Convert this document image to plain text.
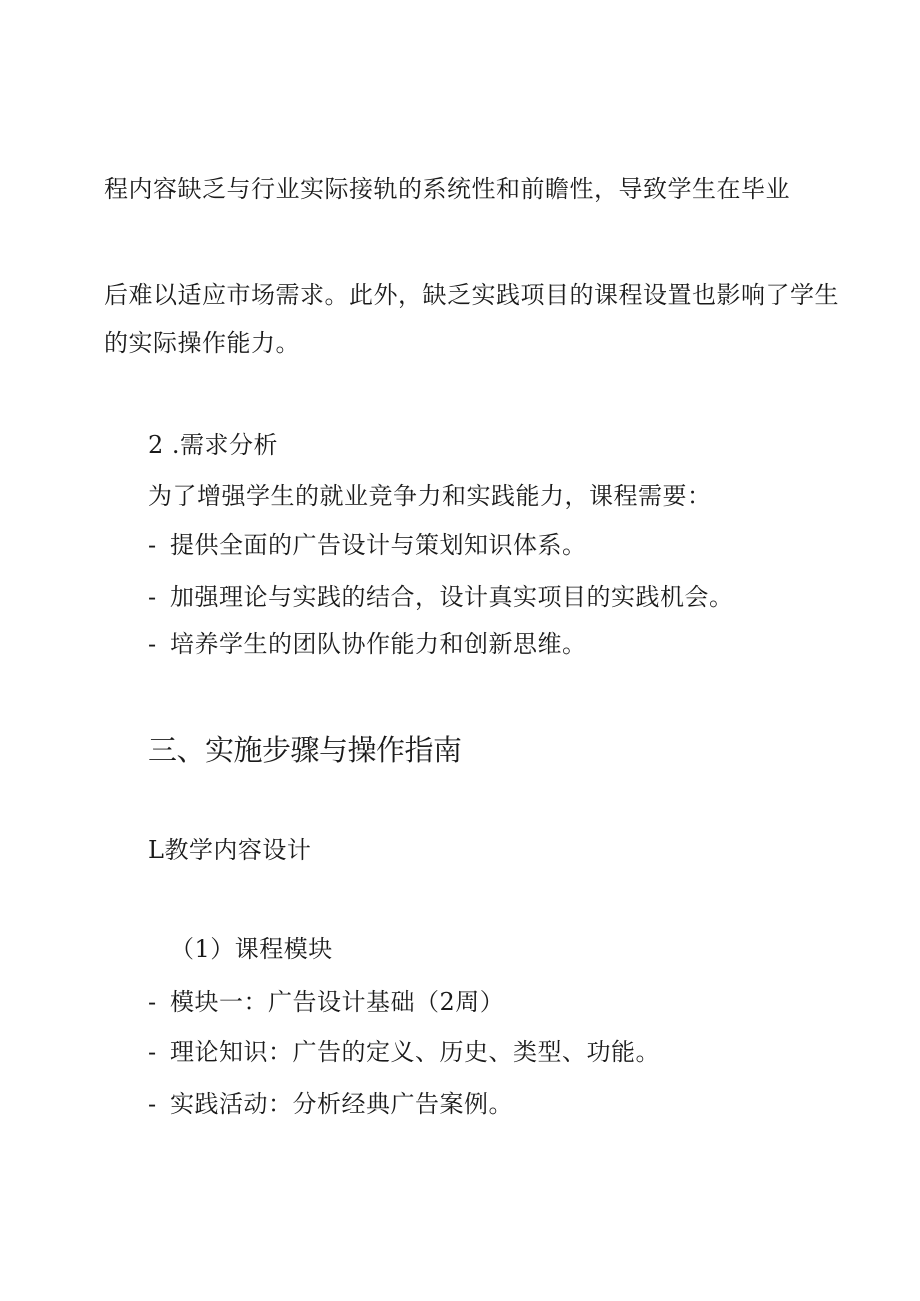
程内容缺乏与行业实际接轨的系统性和前瞻性，导致学生在毕业
后难以适应市场需求。此外，缺乏实践项目的课程设置也影响了学生
的实际操作能力。
2 .需求分析
为了增强学生的就业竞争力和实践能力，课程需要：
- 提供全面的广告设计与策划知识体系。
- 加强理论与实践的结合，设计真实项目的实践机会。
- 培养学生的团队协作能力和创新思维。
三、实施步骤与操作指南
L教学内容设计
（1）课程模块
- 模块一：广告设计基础（2周）
- 理论知识：广告的定义、历史、类型、功能。
- 实践活动：分析经典广告案例。
